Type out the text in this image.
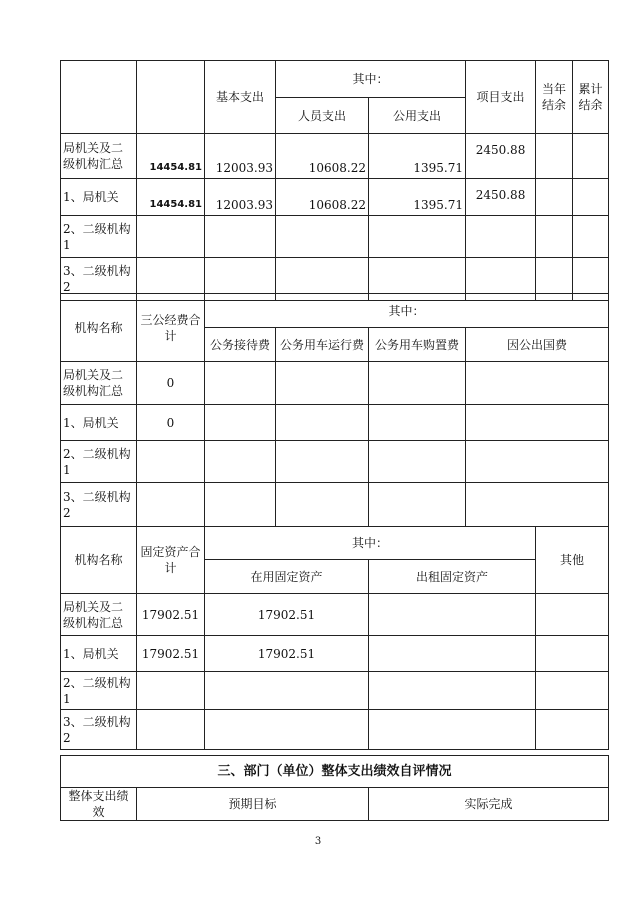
		基本支出	其中：		项目支出	当年结余	累计结余
			人员支出	公用支出			
局机关及二级机构汇总	14454.81	12003.93	10608.22	1395.71	2450.88		
1、局机关	14454.81	12003.93	10608.22	1395.71	2450.88		
2、二级机构1							
3、二级机构2							
机构名称	三公经费合计	其中：			
		公务接待费	公务用车运行费	公务用车购置费	因公出国费
局机关及二级机构汇总	0				
1、局机关	0				
2、二级机构1					
3、二级机构2					
机构名称	固定资产合计	其中：		其他
		在用固定资产	出租固定资产	
局机关及二级机构汇总	17902.51	17902.51		
1、局机关	17902.51	17902.51		
2、二级机构1				
3、二级机构2				
三、部门（单位）整体支出绩效自评情况
整体支出绩效	预期目标	实际完成
3
